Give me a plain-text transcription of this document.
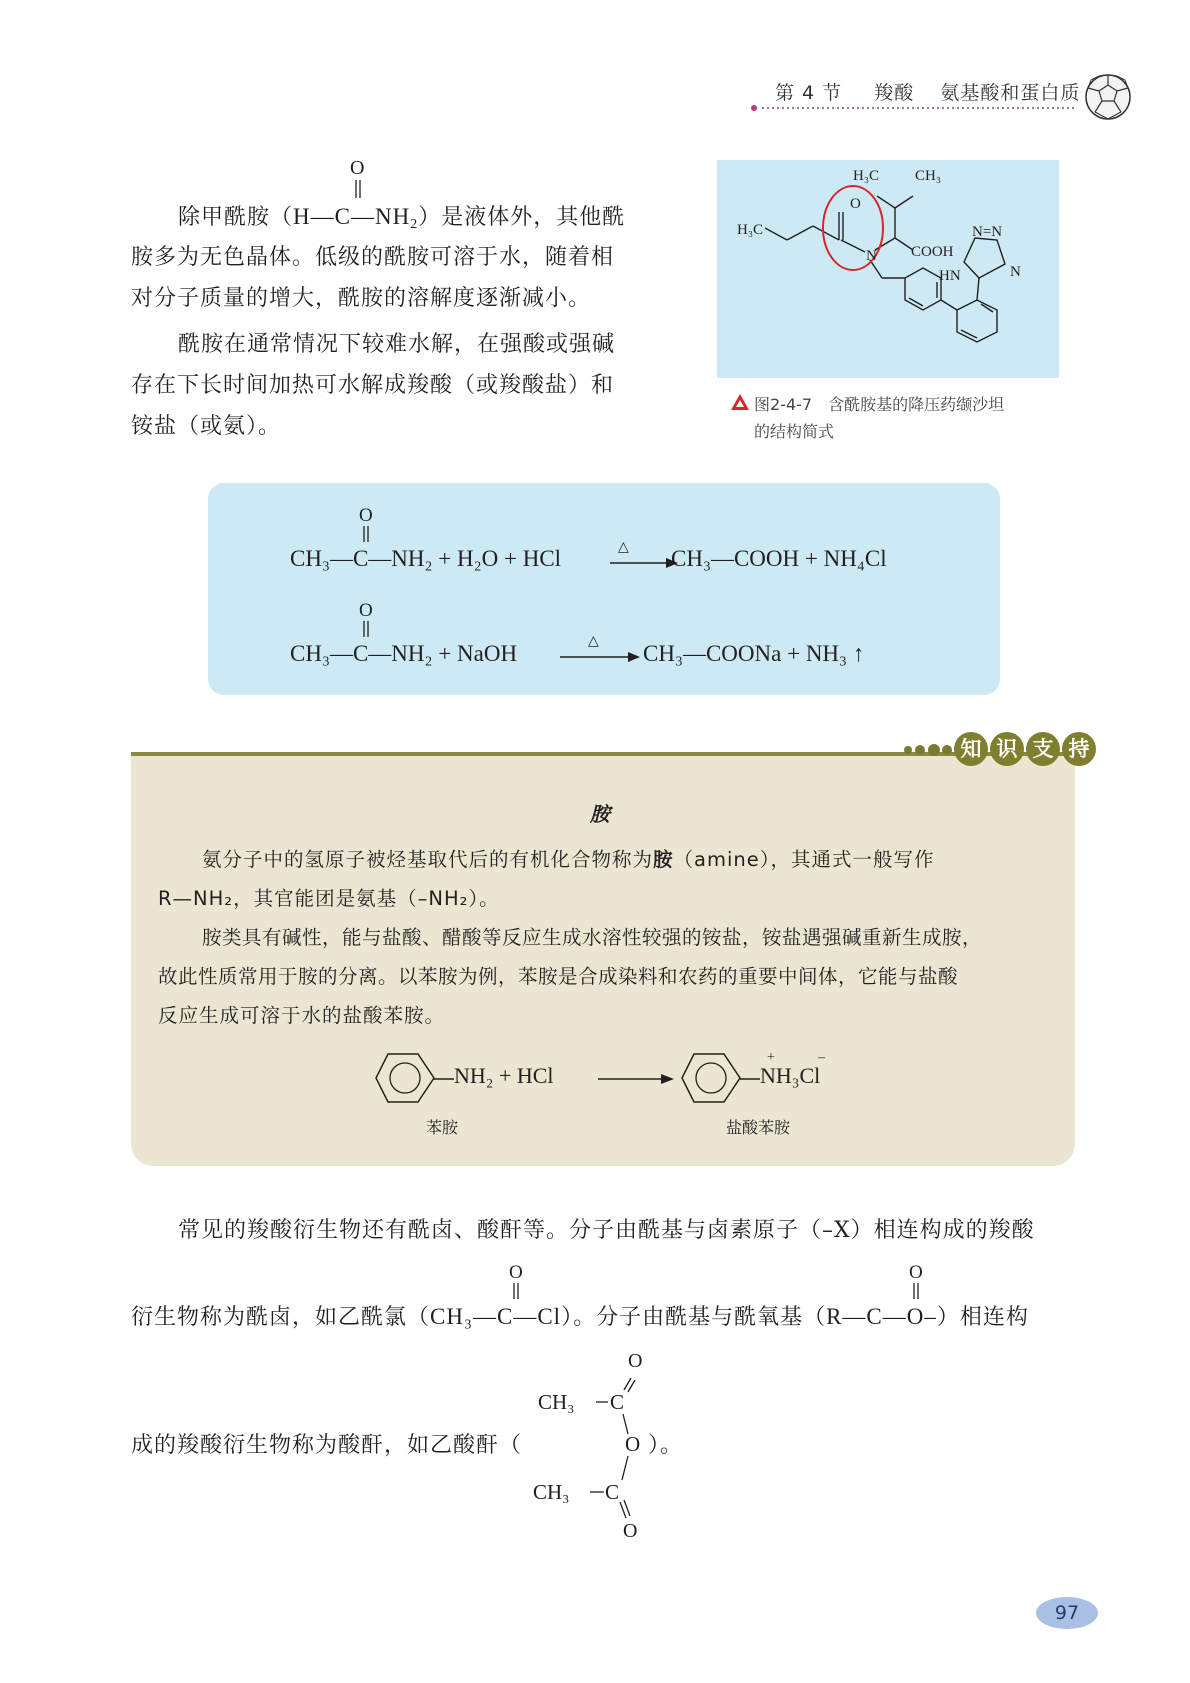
第 4 节 羧酸 氨基酸和蛋白质
O
除甲酰胺$(H—C—NH_2)$是液体外，其他酰
胺多为无色晶体。低级的酰胺可溶于水，随着相
对分子质量的增大，酰胺的溶解度逐渐减小。
酰胺在通常情况下较难水解，在强酸或强碱
存在下长时间加热可水解成羧酸（或羧酸盐）和
铵盐（或氨）。
H₃C CH₃
O
H₃C
N COOH
N=N
HN	N
图2-4-7　含酰胺基的降压药缬沙坦
的结构简式
O
CH₃—C—NH₂ + H₂O + HCl	△ CH₃—COOH + NH₄Cl
O
CH₃—C—NH₂ + NaOH	△ CH₃—COONa + NH₃ ↑
知 识 支 持
胺
氨分子中的氢原子被烃基取代后的有机化合物称为胺（amine），其通式一般写作
R—NH₂，其官能团是氨基（–NH₂）。
胺类具有碱性，能与盐酸、醋酸等反应生成水溶性较强的铵盐，铵盐遇强碱重新生成胺，
故此性质常用于胺的分离。以苯胺为例，苯胺是合成染料和农药的重要中间体，它能与盐酸
反应生成可溶于水的盐酸苯胺。
NH₂ + HCl
+	–
NH₃Cl
苯胺	盐酸苯胺
常见的羧酸衍生物还有酰卤、酸酐等。分子由酰基与卤素原子（–X）相连构成的羧酸
O	O
衍生物称为酰卤，如乙酰氯（CH₃—C—Cl）。分子由酰基与酰氧基（R—C—O–）相连构
O
CH₃ C
O
CH₃ C
O
成的羧酸衍生物称为酸酐，如乙酸酐（	）。
97
